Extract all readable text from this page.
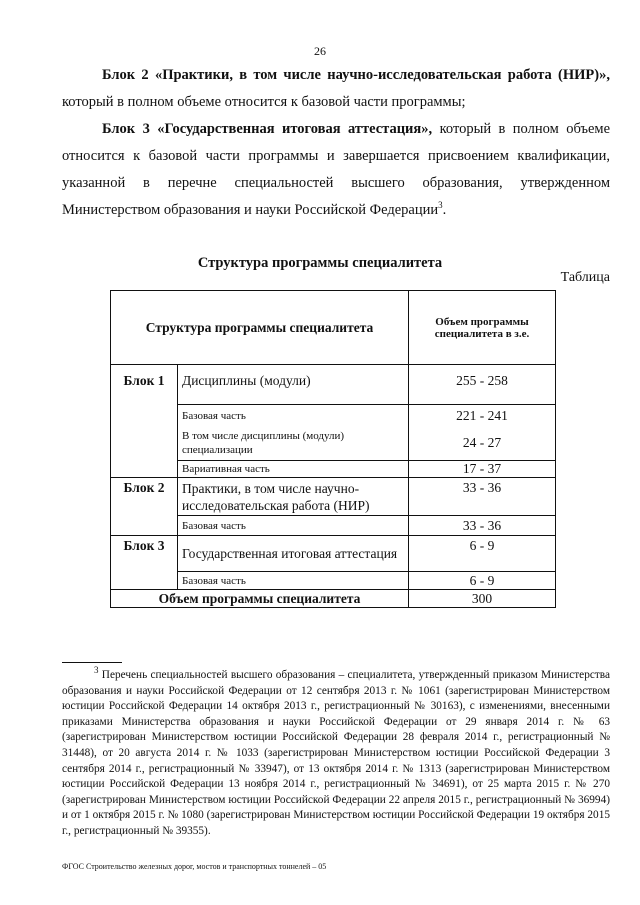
26

Блок 2 «Практики, в том числе научно-исследовательская работа (НИР)», который в полном объеме относится к базовой части программы;

Блок 3 «Государственная итоговая аттестация», который в полном объеме относится к базовой части программы и завершается присвоением квалификации, указанной в перечне специальностей высшего образования, утвержденном Министерством образования и науки Российской Федерации$^3$.

Структура программы специалитета
Таблица
Структура программы специалитета		Объем программы специалитета в з.е.
Блок 1	Дисциплины (модули)	255 - 258
	Базовая часть	221 - 241
	В том числе дисциплины (модули) специализации	24 - 27
	Вариативная часть	17 - 37
Блок 2	Практики, в том числе научно-исследовательская работа (НИР)	33 - 36
	Базовая часть	33 - 36
Блок 3	Государственная итоговая аттестация	6 - 9
	Базовая часть	6 - 9
Объем программы специалитета		300

$^3$ Перечень специальностей высшего образования – специалитета, утвержденный приказом Министерства образования и науки Российской Федерации от 12 сентября 2013 г. № 1061 (зарегистрирован Министерством юстиции Российской Федерации 14 октября 2013 г., регистрационный № 30163), с изменениями, внесенными приказами Министерства образования и науки Российской Федерации от 29 января 2014 г. № 63 (зарегистрирован Министерством юстиции Российской Федерации 28 февраля 2014 г., регистрационный № 31448), от 20 августа 2014 г. № 1033 (зарегистрирован Министерством юстиции Российской Федерации 3 сентября 2014 г., регистрационный № 33947), от 13 октября 2014 г. № 1313 (зарегистрирован Министерством юстиции Российской Федерации 13 ноября 2014 г., регистрационный № 34691), от 25 марта 2015 г. № 270 (зарегистрирован Министерством юстиции Российской Федерации 22 апреля 2015 г., регистрационный № 36994) и от 1 октября 2015 г. № 1080 (зарегистрирован Министерством юстиции Российской Федерации 19 октября 2015 г., регистрационный № 39355).

ФГОС Строительство железных дорог, мостов и транспортных тоннелей – 05
